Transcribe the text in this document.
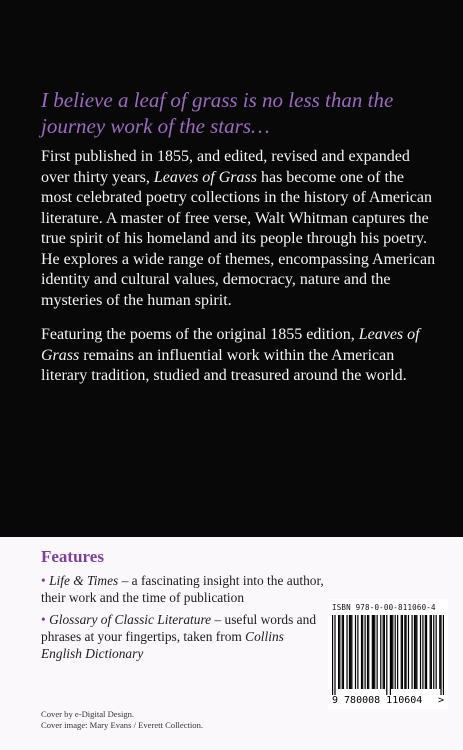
I believe a leaf of grass is no less than the journey work of the stars…

First published in 1855, and edited, revised and expanded over thirty years, Leaves of Grass has become one of the most celebrated poetry collections in the history of American literature. A master of free verse, Walt Whitman captures the true spirit of his homeland and its people through his poetry. He explores a wide range of themes, encompassing American identity and cultural values, democracy, nature and the mysteries of the human spirit.

Featuring the poems of the original 1855 edition, Leaves of Grass remains an influential work within the American literary tradition, studied and treasured around the world.

Features
• Life & Times – a fascinating insight into the author, their work and the time of publication
• Glossary of Classic Literature – useful words and phrases at your fingertips, taken from Collins English Dictionary
ISBN 978-0-00-811060-4
9 780008 110604 >
Cover by e-Digital Design.
Cover image: Mary Evans / Everett Collection.
